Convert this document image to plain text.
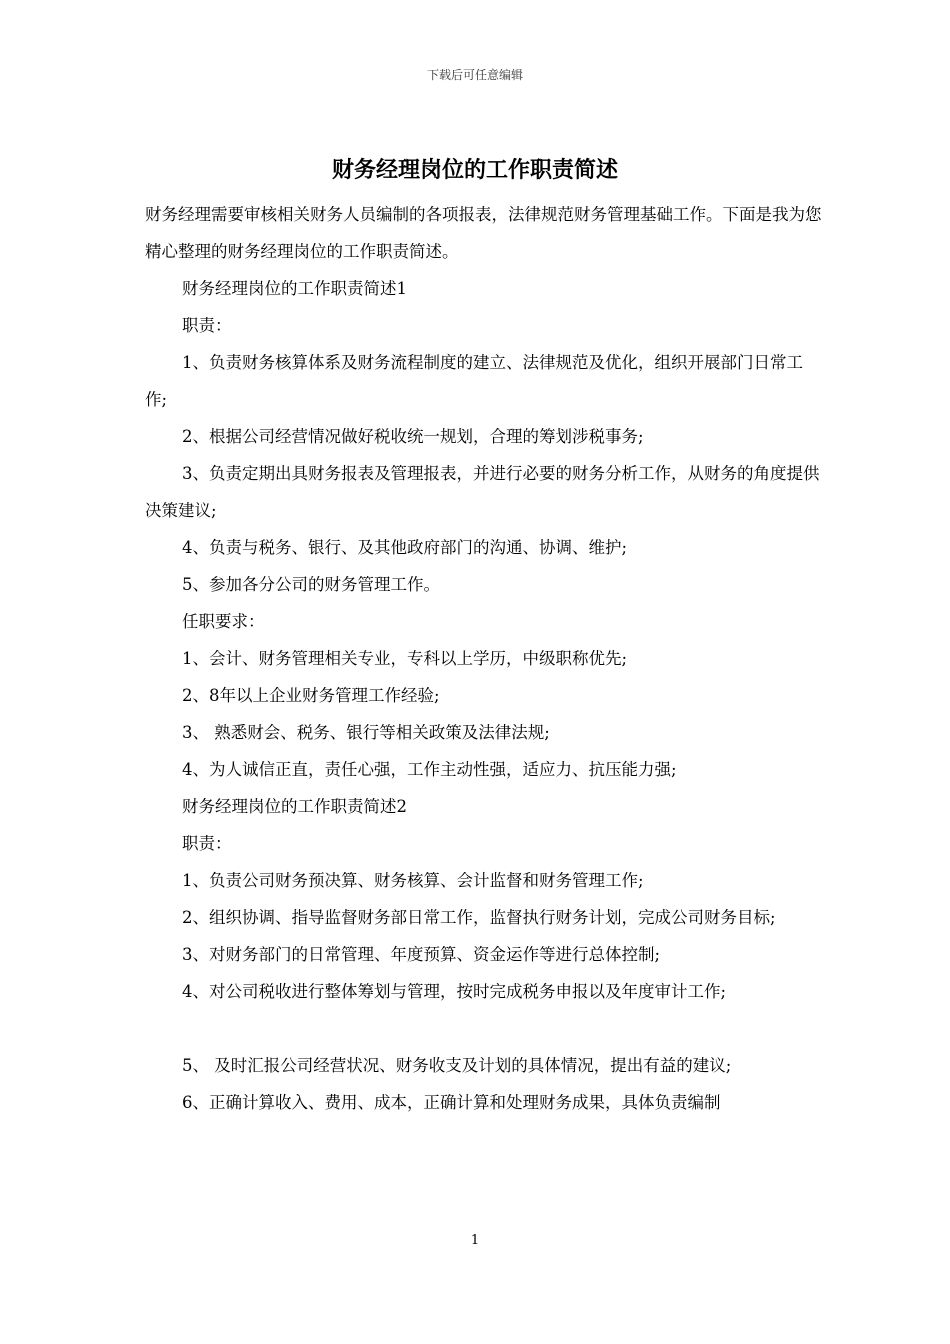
下载后可任意编辑
财务经理岗位的工作职责简述

财务经理需要审核相关财务人员编制的各项报表，法律规范财务管理基础工作。下面是我为您精心整理的财务经理岗位的工作职责简述。

财务经理岗位的工作职责简述1

职责：

1、负责财务核算体系及财务流程制度的建立、法律规范及优化，组织开展部门日常工作;

2、根据公司经营情况做好税收统一规划，合理的筹划涉税事务;

3、负责定期出具财务报表及管理报表，并进行必要的财务分析工作，从财务的角度提供决策建议;

4、负责与税务、银行、及其他政府部门的沟通、协调、维护;

5、参加各分公司的财务管理工作。

任职要求：

1、会计、财务管理相关专业，专科以上学历，中级职称优先;

2、8年以上企业财务管理工作经验;

3、 熟悉财会、税务、银行等相关政策及法律法规;

4、为人诚信正直，责任心强，工作主动性强，适应力、抗压能力强;

财务经理岗位的工作职责简述2

职责：

1、负责公司财务预决算、财务核算、会计监督和财务管理工作;

2、组织协调、指导监督财务部日常工作，监督执行财务计划，完成公司财务目标;

3、对财务部门的日常管理、年度预算、资金运作等进行总体控制;

4、对公司税收进行整体筹划与管理，按时完成税务申报以及年度审计工作;

5、 及时汇报公司经营状况、财务收支及计划的具体情况，提出有益的建议;

6、正确计算收入、费用、成本，正确计算和处理财务成果，具体负责编制

1
